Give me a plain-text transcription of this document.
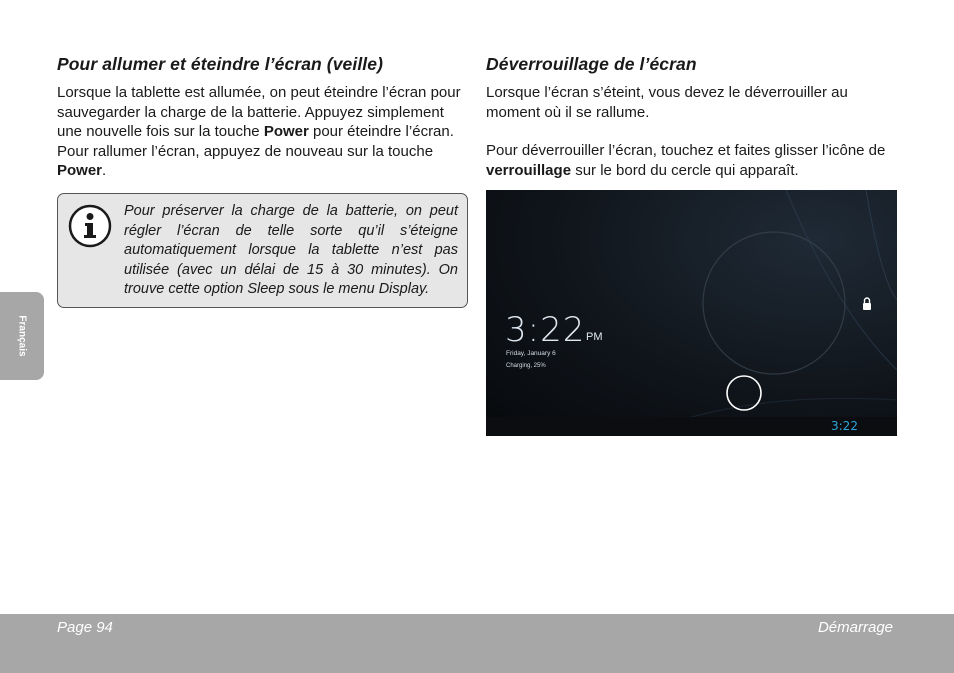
Français
Pour allumer et éteindre l’écran (veille)

Lorsque la tablette est allumée, on peut éteindre l’écran pour sauvegarder la charge de la batterie. Appuyez simplement une nouvelle fois sur la touche Power pour éteindre l’écran. Pour rallumer l’écran, appuyez de nouveau sur la touche Power.

Pour préserver la charge de la batterie, on peut régler l’écran de telle sorte qu’il s’éteigne automatiquement lorsque la tablette n’est pas utilisée (avec un délai de 15 à 30 minutes). On trouve cette option Sleep sous le menu Display.
Déverrouillage de l’écran

Lorsque l’écran s’éteint, vous devez le déverrouiller au moment où il se rallume.

Pour déverrouiller l’écran, touchez et faites glisser l’icône de verrouillage sur le bord du cercle qui apparaît.

3:22 PM
Friday, January 6
Charging, 25%
3:22
Page 94	Démarrage
